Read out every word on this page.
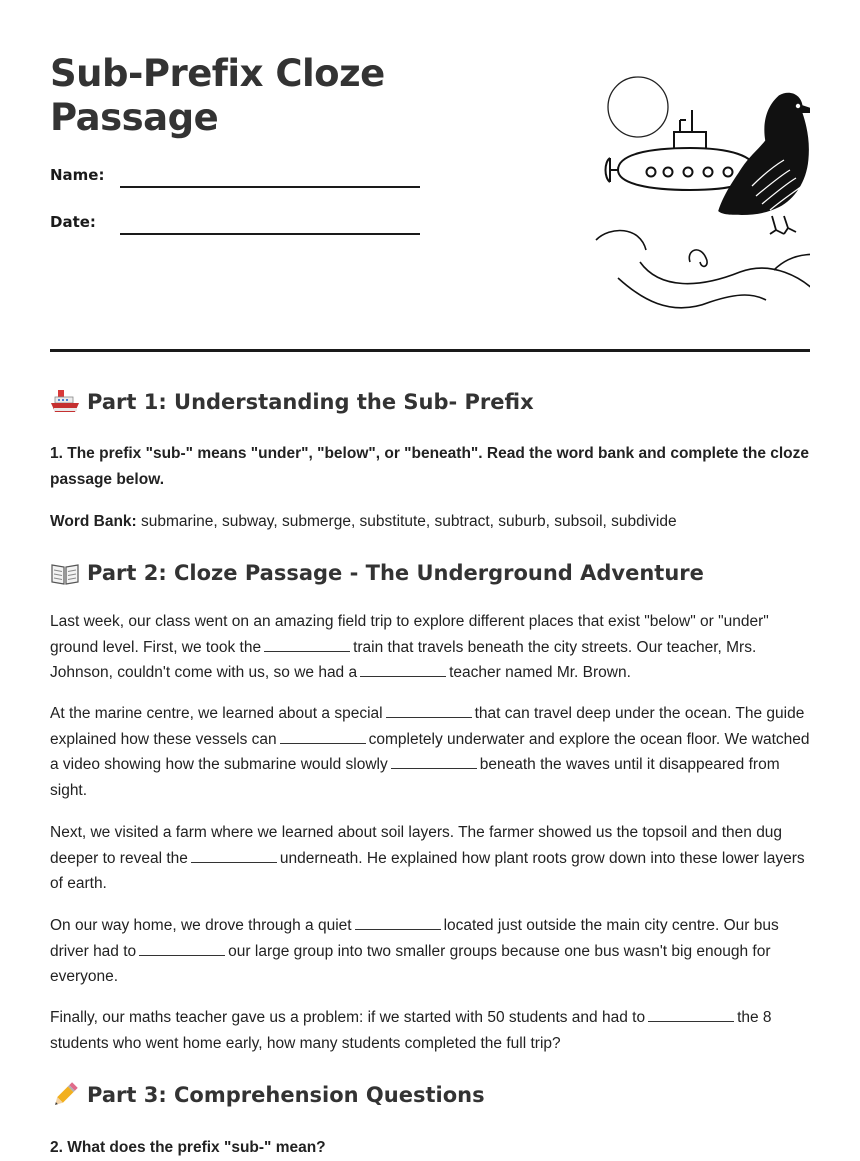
Sub-Prefix Cloze Passage
Name:
Date:
Part 1: Understanding the Sub- Prefix
1. The prefix "sub-" means "under", "below", or "beneath". Read the word bank and complete the cloze passage below.
Word Bank: submarine, subway, submerge, substitute, subtract, suburb, subsoil, subdivide
Part 2: Cloze Passage - The Underground Adventure
Last week, our class went on an amazing field trip to explore different places that exist "below" or "under" ground level. First, we took the	train that travels beneath the city streets. Our teacher, Mrs. Johnson, couldn't come with us, so we had a	teacher named Mr. Brown.
At the marine centre, we learned about a special	that can travel deep under the ocean. The guide explained how these vessels can	completely underwater and explore the ocean floor. We watched a video showing how the submarine would slowly	beneath the waves until it disappeared from sight.
Next, we visited a farm where we learned about soil layers. The farmer showed us the topsoil and then dug deeper to reveal the	underneath. He explained how plant roots grow down into these lower layers of earth.
On our way home, we drove through a quiet	located just outside the main city centre. Our bus driver had to	our large group into two smaller groups because one bus wasn't big enough for everyone.
Finally, our maths teacher gave us a problem: if we started with 50 students and had to	the 8 students who went home early, how many students completed the full trip?
Part 3: Comprehension Questions
2. What does the prefix "sub-" mean?
